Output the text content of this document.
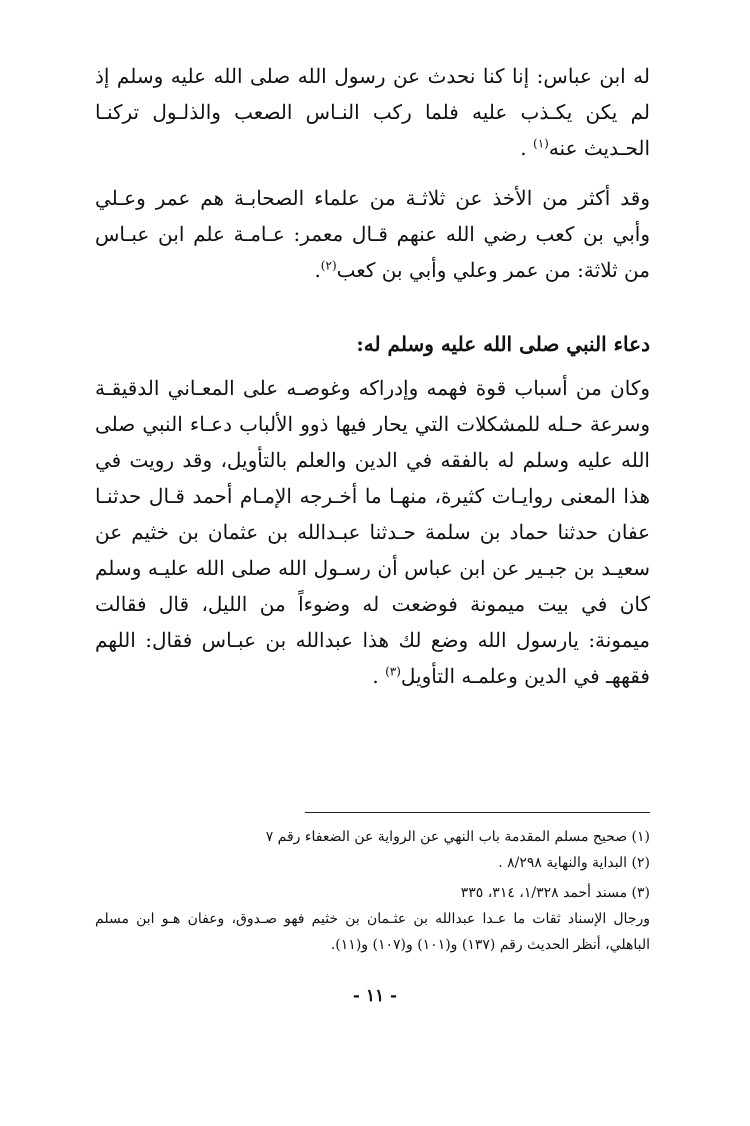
له ابن عباس: إنا كنا نحدث عن رسول الله صلى الله عليه وسلم إذ لم يكن يكـذب عليه فلما ركب النـاس الصعب والذلـول تركنـا الحـديث عنه$^{(١)}$ .

وقد أكثر من الأخذ عن ثلاثـة من علماء الصحابـة هم عمر وعـلي وأبي بن كعب رضي الله عنهم قـال معمر: عـامـة علم ابن عبـاس من ثلاثة: من عمر وعلي وأبي بن كعب$^{(٢)}$.

دعاء النبي صلى الله عليه وسلم له:

وكان من أسباب قوة فهمه وإدراكه وغوصـه على المعـاني الدقيقـة وسرعة حـله للمشكلات التي يحار فيها ذوو الألباب دعـاء النبي صلى الله عليه وسلم له بالفقه في الدين والعلم بالتأويل، وقد رويت في هذا المعنى روايـات كثيرة، منهـا ما أخـرجه الإمـام أحمد قـال حدثنـا عفان حدثنا حماد بن سلمة حـدثنا عبـدالله بن عثمان بن خثيم عن سعيـد بن جبـير عن ابن عباس أن رسـول الله صلى الله عليـه وسلم كان في بيت ميمونة فوضعت له وضوءاً من الليل، قال فقالت ميمونة: يارسول الله وضع لك هذا عبدالله بن عبـاس فقال: اللهم فقههـ في الدين وعلمـه التأويل$^{(٣)}$ .

(١) صحيح مسلم المقدمة باب النهي عن الرواية عن الضعفاء رقم ٧

(٢) البداية والنهاية ٨/٢٩٨ .

(٣) مسند أحمد ١/٣٢٨، ٣١٤، ٣٣٥

ورجال الإسناد ثقات ما عـدا عبدالله بن عثـمان بن خثيم فهو صـدوق، وعفان هـو ابن مسلم الباهلي، أنظر الحديث رقم (١٣٧) و(١٠١) و(١٠٧) و(١١).

- ١١ -
